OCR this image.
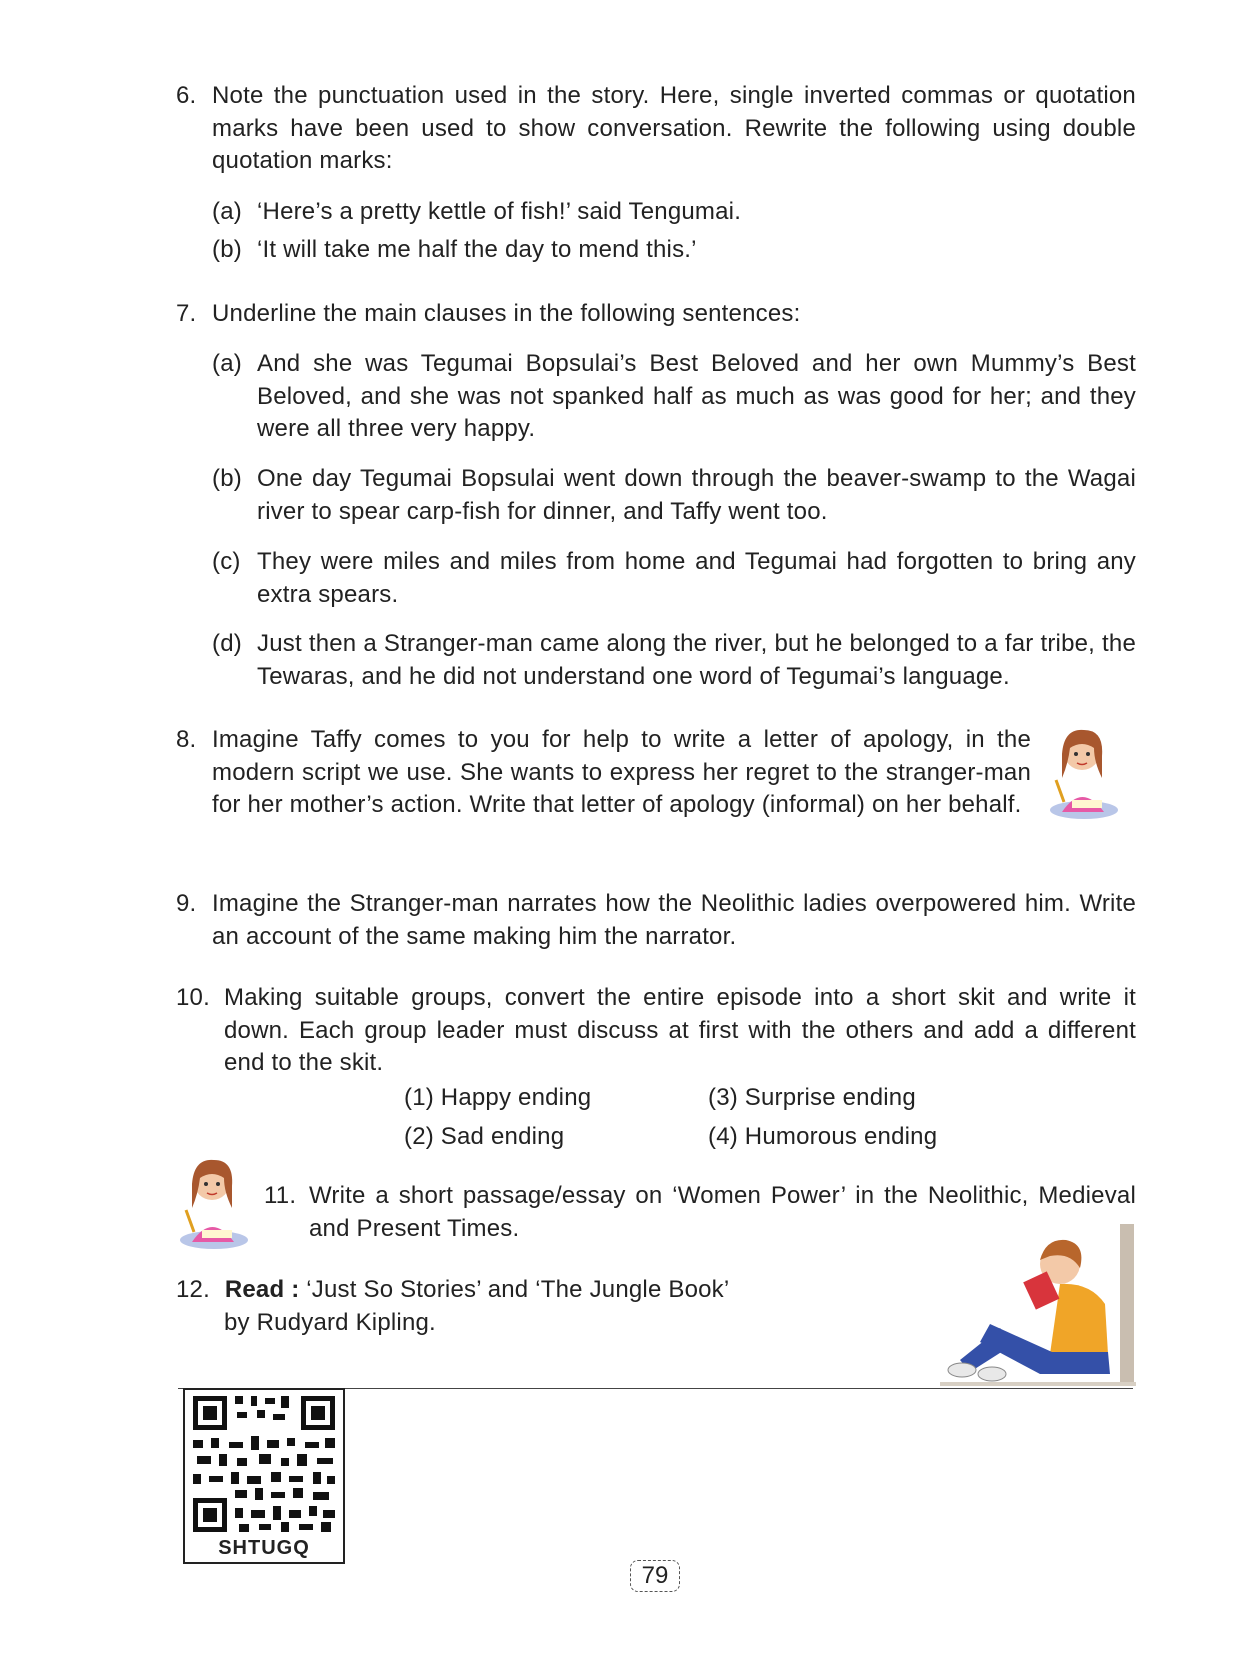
6. Note the punctuation used in the story. Here, single inverted commas or quotation marks have been used to show conversation. Rewrite the following using double quotation marks:
(a) ‘Here’s a pretty kettle of fish!’ said Tengumai.
(b) ‘It will take me half the day to mend this.’
7. Underline the main clauses in the following sentences:
(a) And she was Tegumai Bopsulai’s Best Beloved and her own Mummy’s Best Beloved, and she was not spanked half as much as was good for her; and they were all three very happy.
(b) One day Tegumai Bopsulai went down through the beaver-swamp to the Wagai river to spear carp-fish for dinner, and Taffy went too.
(c) They were miles and miles from home and Tegumai had forgotten to bring any extra spears.
(d) Just then a Stranger-man came along the river, but he belonged to a far tribe, the Tewaras, and he did not understand one word of Tegumai’s language.
8. Imagine Taffy comes to you for help to write a letter of apology, in the modern script we use. She wants to express her regret to the stranger-man for her mother’s action. Write that letter of apology (informal) on her behalf.
9. Imagine the Stranger-man narrates how the Neolithic ladies overpowered him. Write an account of the same making him the narrator.
10. Making suitable groups, convert the entire episode into a short skit and write it down. Each group leader must discuss at first with the others and add a different end to the skit.
(1) Happy ending	(3) Surprise ending
(2) Sad ending	(4) Humorous ending
11. Write a short passage/essay on ‘Women Power’ in the Neolithic, Medieval and Present Times.
12. Read : ‘Just So Stories’ and ‘The Jungle Book’
by Rudyard Kipling.
SHTUGQ
79
